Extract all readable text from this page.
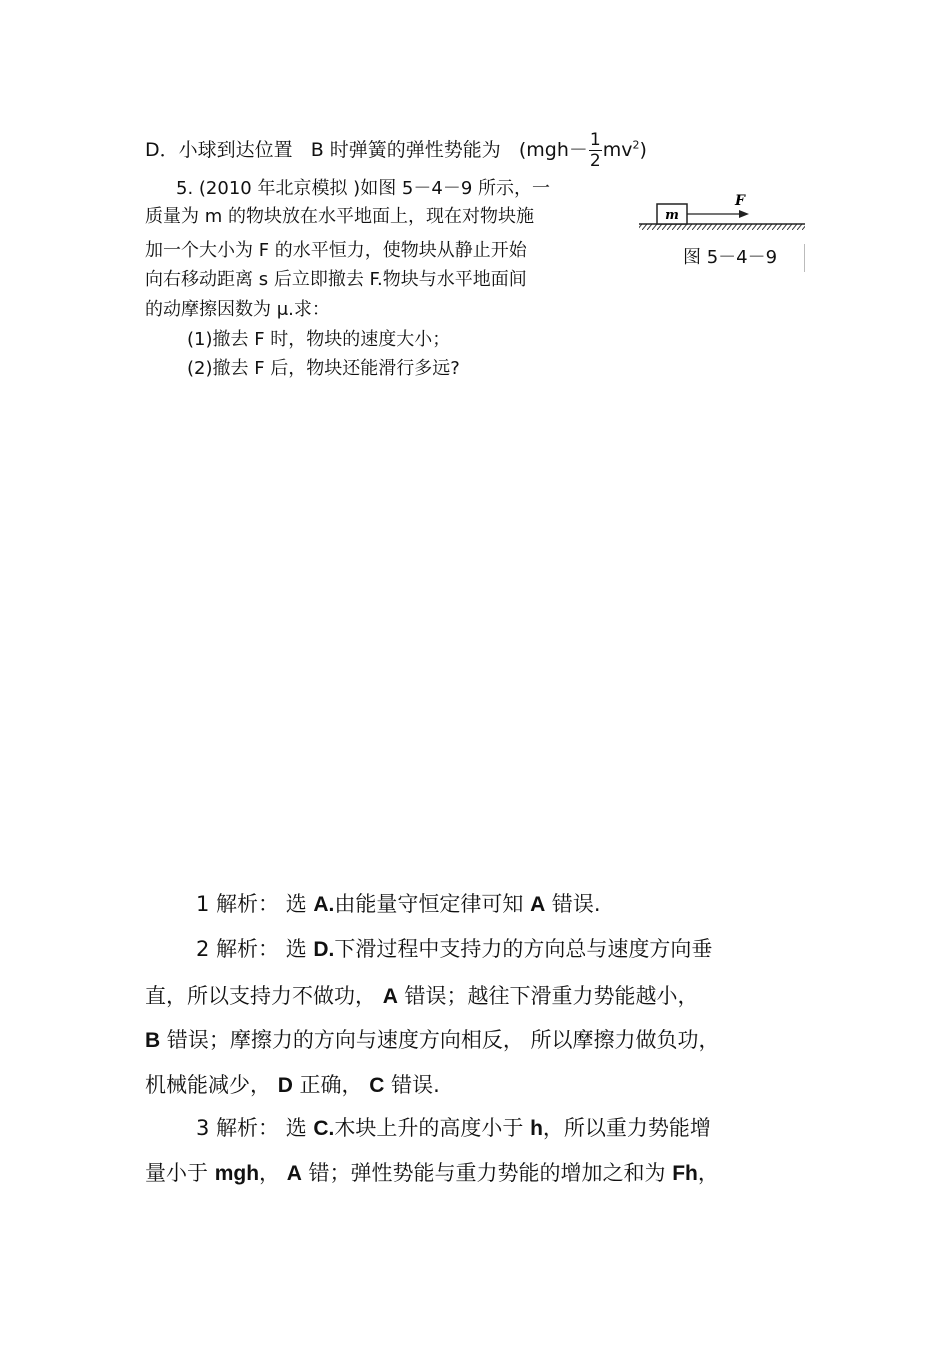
D．小球到达位置 B 时弹簧的弹性势能为 $(mgh- \frac{1}{2} mv^2)$
5. (2010 年北京模拟 )如图 5－4－9 所示，一
质量为 m 的物块放在水平地面上，现在对物块施
加一个大小为 F 的水平恒力，使物块从静止开始
向右移动距离 s 后立即撤去 F.物块与水平地面间
的动摩擦因数为 μ.求：
(1)撤去 F 时，物块的速度大小；
(2)撤去 F 后，物块还能滑行多远?
m
F
图 5－4－9
1 解析： 选 A.由能量守恒定律可知 A 错误.
2 解析： 选 D.下滑过程中支持力的方向总与速度方向垂
直，所以支持力不做功， A 错误；越往下滑重力势能越小，
B 错误；摩擦力的方向与速度方向相反， 所以摩擦力做负功，
机械能减少， D 正确， C 错误.
3 解析： 选 C.木块上升的高度小于 h，所以重力势能增
量小于 mgh， A 错；弹性势能与重力势能的增加之和为 Fh，
